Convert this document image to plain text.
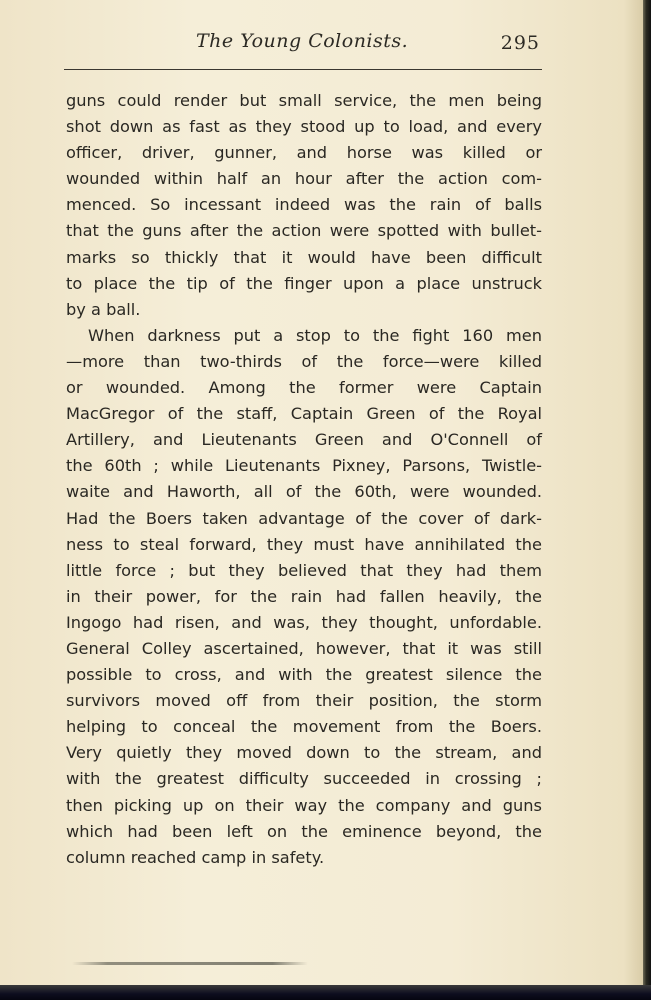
The Young Colonists.	295
guns could render but small service, the men being
shot down as fast as they stood up to load, and every
officer, driver, gunner, and horse was killed or
wounded within half an hour after the action com-
menced. So incessant indeed was the rain of balls
that the guns after the action were spotted with bullet-
marks so thickly that it would have been difficult
to place the tip of the finger upon a place unstruck
by a ball.
When darkness put a stop to the fight 160 men
—more than two-thirds of the force—were killed
or wounded. Among the former were Captain
MacGregor of the staff, Captain Green of the Royal
Artillery, and Lieutenants Green and O'Connell of
the 60th ; while Lieutenants Pixney, Parsons, Twistle-
waite and Haworth, all of the 60th, were wounded.
Had the Boers taken advantage of the cover of dark-
ness to steal forward, they must have annihilated the
little force ; but they believed that they had them
in their power, for the rain had fallen heavily, the
Ingogo had risen, and was, they thought, unfordable.
General Colley ascertained, however, that it was still
possible to cross, and with the greatest silence the
survivors moved off from their position, the storm
helping to conceal the movement from the Boers.
Very quietly they moved down to the stream, and
with the greatest difficulty succeeded in crossing ;
then picking up on their way the company and guns
which had been left on the eminence beyond, the
column reached camp in safety.
